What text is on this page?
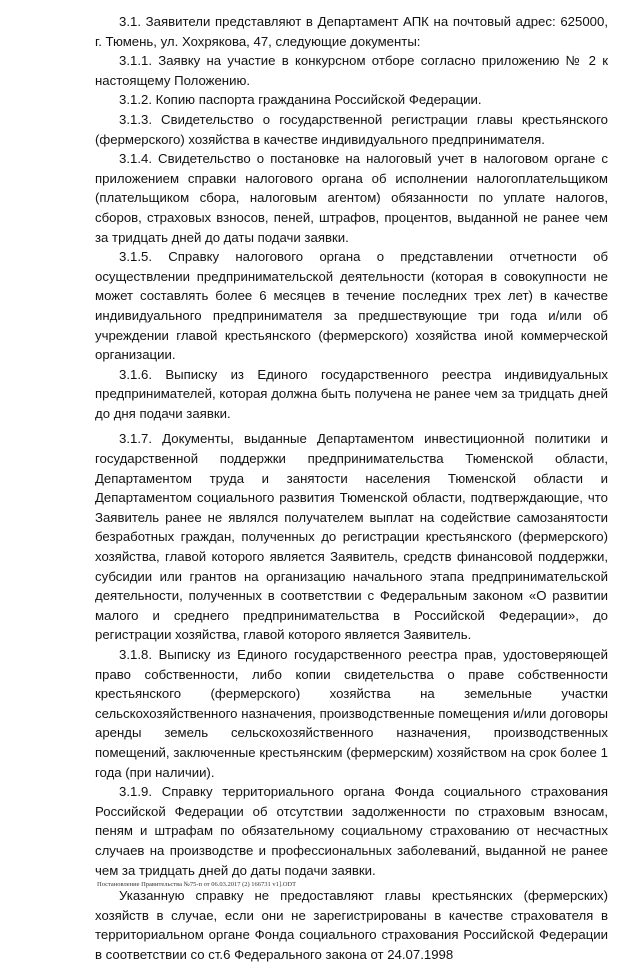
3.1. Заявители представляют в Департамент АПК на почтовый адрес: 625000, г. Тюмень, ул. Хохрякова, 47, следующие документы:

3.1.1. Заявку на участие в конкурсном отборе согласно приложению № 2 к настоящему Положению.

3.1.2. Копию паспорта гражданина Российской Федерации.

3.1.3. Свидетельство о государственной регистрации главы крестьянского (фермерского) хозяйства в качестве индивидуального предпринимателя.

3.1.4. Свидетельство о постановке на налоговый учет в налоговом органе с приложением справки налогового органа об исполнении налогоплательщиком (плательщиком сбора, налоговым агентом) обязанности по уплате налогов, сборов, страховых взносов, пеней, штрафов, процентов, выданной не ранее чем за тридцать дней до даты подачи заявки.

3.1.5. Справку налогового органа о представлении отчетности об осуществлении предпринимательской деятельности (которая в совокупности не может составлять более 6 месяцев в течение последних трех лет) в качестве индивидуального предпринимателя за предшествующие три года и/или об учреждении главой крестьянского (фермерского) хозяйства иной коммерческой организации.

3.1.6. Выписку из Единого государственного реестра индивидуальных предпринимателей, которая должна быть получена не ранее чем за тридцать дней до дня подачи заявки.

3.1.7. Документы, выданные Департаментом инвестиционной политики и государственной поддержки предпринимательства Тюменской области, Департаментом труда и занятости населения Тюменской области и Департаментом социального развития Тюменской области, подтверждающие, что Заявитель ранее не являлся получателем выплат на содействие самозанятости безработных граждан, полученных до регистрации крестьянского (фермерского) хозяйства, главой которого является Заявитель, средств финансовой поддержки, субсидии или грантов на организацию начального этапа предпринимательской деятельности, полученных в соответствии с Федеральным законом «О развитии малого и среднего предпринимательства в Российской Федерации», до регистрации хозяйства, главой которого является Заявитель.

3.1.8. Выписку из Единого государственного реестра прав, удостоверяющей право собственности, либо копии свидетельства о праве собственности крестьянского (фермерского) хозяйства на земельные участки сельскохозяйственного назначения, производственные помещения и/или договоры аренды земель сельскохозяйственного назначения, производственных помещений, заключенные крестьянским (фермерским) хозяйством на срок более 1 года (при наличии).

3.1.9. Справку территориального органа Фонда социального страхования Российской Федерации об отсутствии задолженности по страховым взносам, пеням и штрафам по обязательному социальному страхованию от несчастных случаев на производстве и профессиональных заболеваний, выданной не ранее чем за тридцать дней до даты подачи заявки.

Указанную справку не предоставляют главы крестьянских (фермерских) хозяйств в случае, если они не зарегистрированы в качестве страхователя в территориальном органе Фонда социального страхования Российской Федерации в соответствии со ст.6 Федерального закона от 24.07.1998

Постановление Правительства №75-п от 06.03.2017 (2) 166731 v1].ODT
